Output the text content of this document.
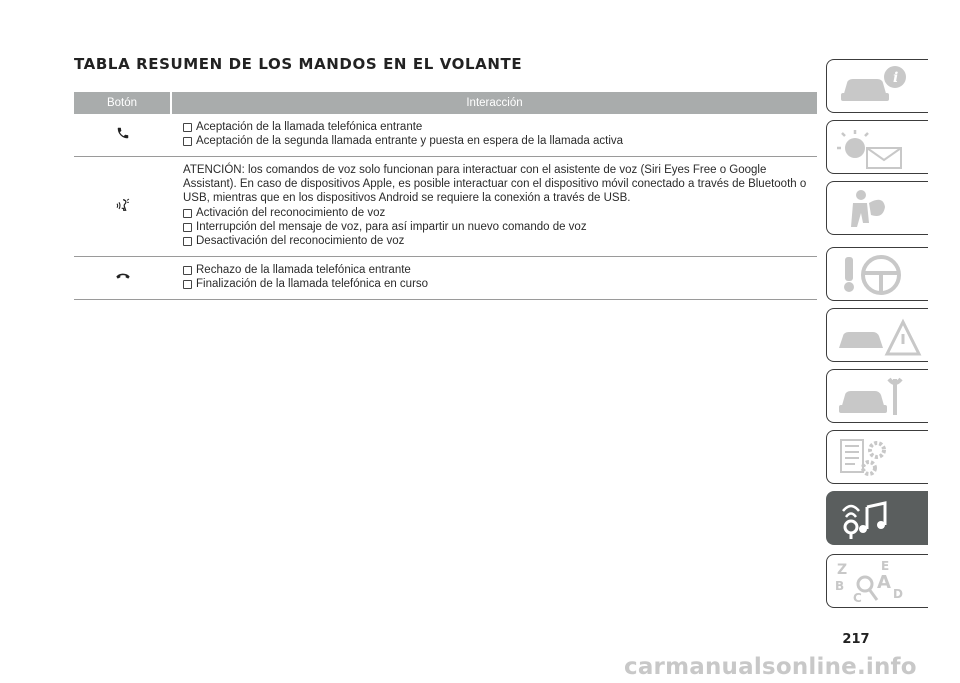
TABLA RESUMEN DE LOS MANDOS EN EL VOLANTE
Botón	Interacción

Aceptación de la llamada telefónica entrante
Aceptación de la segunda llamada entrante y puesta en espera de la llamada activa

ATENCIÓN: los comandos de voz solo funcionan para interactuar con el asistente de voz (Siri Eyes Free o Google Assistant). En caso de dispositivos Apple, es posible interactuar con el dispositivo móvil conectado a través de Bluetooth o USB, mientras que en los dispositivos Android se requiere la conexión a través de USB.
Activación del reconocimiento de voz
Interrupción del mensaje de voz, para así impartir un nuevo comando de voz
Desactivación del reconocimiento de voz

Rechazo de la llamada telefónica entrante
Finalización de la llamada telefónica en curso
i
Z	E
A
B
C	D
217
carmanualsonline.info
